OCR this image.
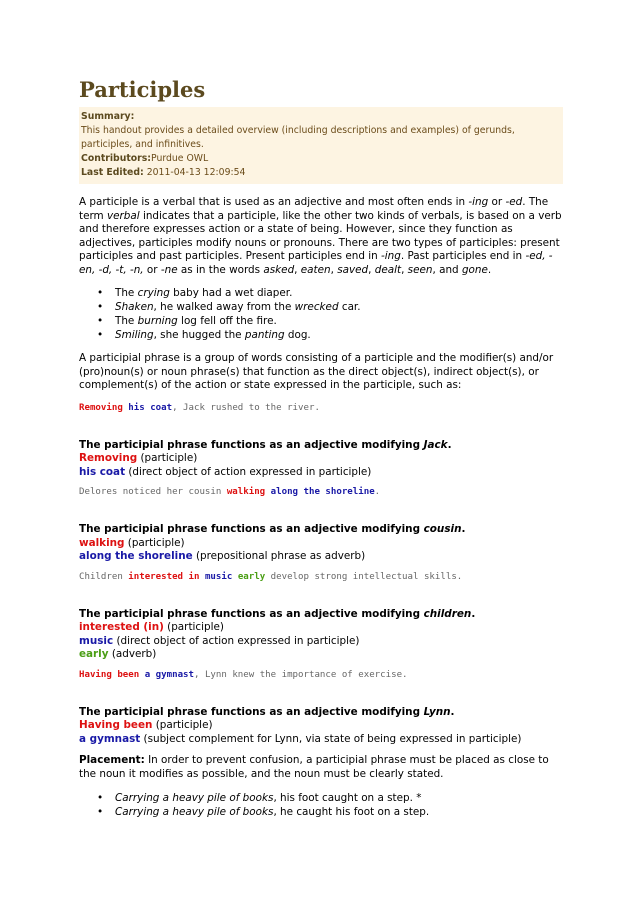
Participles
Summary:
This handout provides a detailed overview (including descriptions and examples) of gerunds, participles, and infinitives.
Contributors:Purdue OWL
Last Edited: 2011-04-13 12:09:54

A participle is a verbal that is used as an adjective and most often ends in -ing or -ed. The term verbal indicates that a participle, like the other two kinds of verbals, is based on a verb and therefore expresses action or a state of being. However, since they function as adjectives, participles modify nouns or pronouns. There are two types of participles: present participles and past participles. Present participles end in -ing. Past participles end in -ed, -en, -d, -t, -n, or -ne as in the words asked, eaten, saved, dealt, seen, and gone.

• The crying baby had a wet diaper.
• Shaken, he walked away from the wrecked car.
• The burning log fell off the fire.
• Smiling, she hugged the panting dog.

A participial phrase is a group of words consisting of a participle and the modifier(s) and/or (pro)noun(s) or noun phrase(s) that function as the direct object(s), indirect object(s), or complement(s) of the action or state expressed in the participle, such as:

Removing his coat, Jack rushed to the river.

The participial phrase functions as an adjective modifying Jack.

Removing (participle)

his coat (direct object of action expressed in participle)

Delores noticed her cousin walking along the shoreline.

The participial phrase functions as an adjective modifying cousin.

walking (participle)

along the shoreline (prepositional phrase as adverb)

Children interested in music early develop strong intellectual skills.

The participial phrase functions as an adjective modifying children.

interested (in) (participle)

music (direct object of action expressed in participle)

early (adverb)

Having been a gymnast, Lynn knew the importance of exercise.

The participial phrase functions as an adjective modifying Lynn.

Having been (participle)

a gymnast (subject complement for Lynn, via state of being expressed in participle)

Placement: In order to prevent confusion, a participial phrase must be placed as close to the noun it modifies as possible, and the noun must be clearly stated.

• Carrying a heavy pile of books, his foot caught on a step. *
• Carrying a heavy pile of books, he caught his foot on a step.
